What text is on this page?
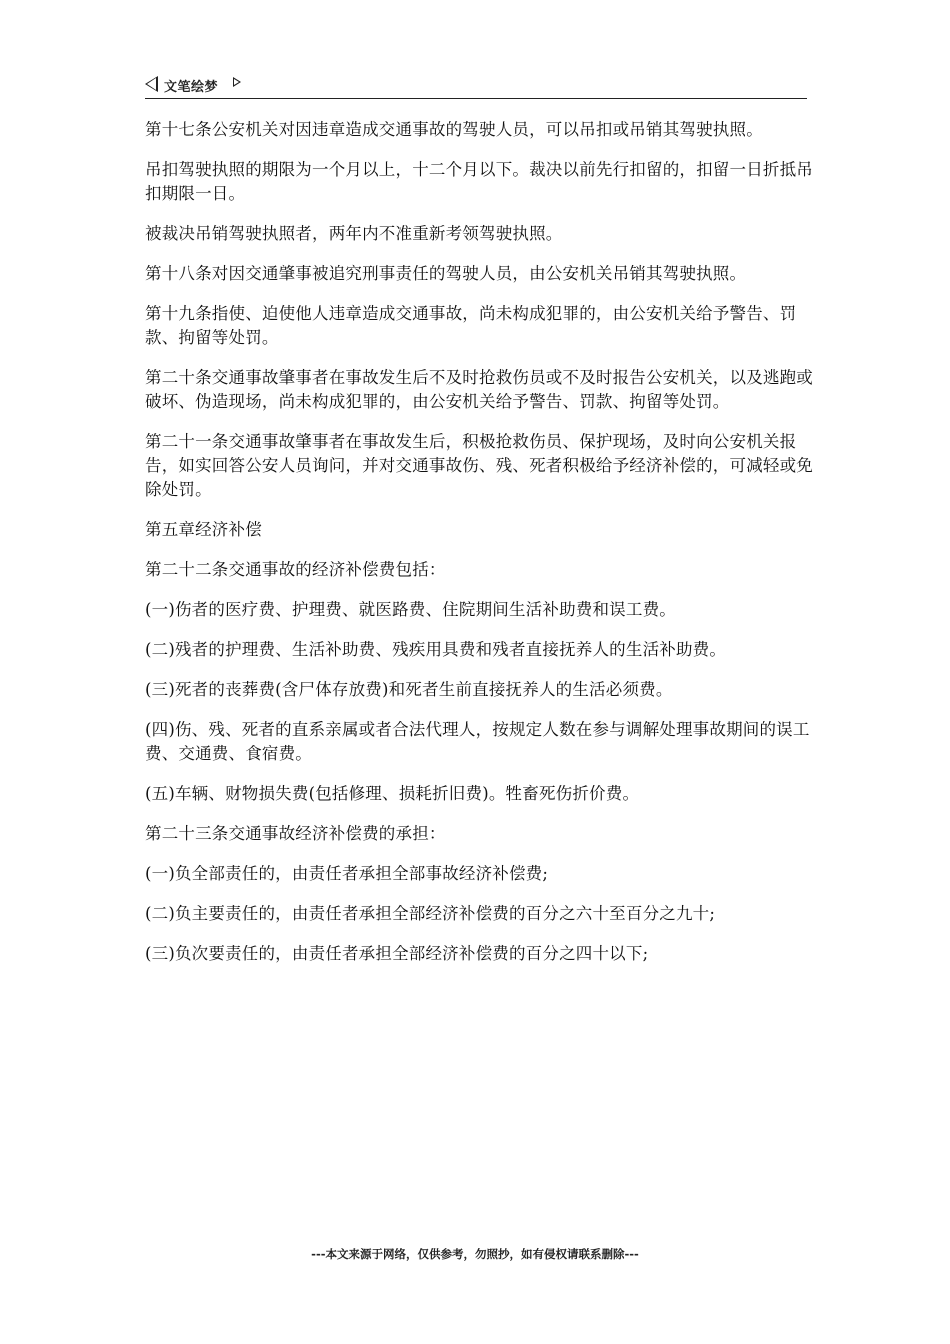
文笔绘梦

第十七条公安机关对因违章造成交通事故的驾驶人员，可以吊扣或吊销其驾驶执照。

吊扣驾驶执照的期限为一个月以上，十二个月以下。裁决以前先行扣留的，扣留一日折抵吊扣期限一日。

被裁决吊销驾驶执照者，两年内不准重新考领驾驶执照。

第十八条对因交通肇事被追究刑事责任的驾驶人员，由公安机关吊销其驾驶执照。

第十九条指使、迫使他人违章造成交通事故，尚未构成犯罪的，由公安机关给予警告、罚款、拘留等处罚。

第二十条交通事故肇事者在事故发生后不及时抢救伤员或不及时报告公安机关，以及逃跑或破坏、伪造现场，尚未构成犯罪的，由公安机关给予警告、罚款、拘留等处罚。

第二十一条交通事故肇事者在事故发生后，积极抢救伤员、保护现场，及时向公安机关报告，如实回答公安人员询问，并对交通事故伤、残、死者积极给予经济补偿的，可减轻或免除处罚。

第五章经济补偿

第二十二条交通事故的经济补偿费包括：

(一)伤者的医疗费、护理费、就医路费、住院期间生活补助费和误工费。

(二)残者的护理费、生活补助费、残疾用具费和残者直接抚养人的生活补助费。

(三)死者的丧葬费(含尸体存放费)和死者生前直接抚养人的生活必须费。

(四)伤、残、死者的直系亲属或者合法代理人，按规定人数在参与调解处理事故期间的误工费、交通费、食宿费。

(五)车辆、财物损失费(包括修理、损耗折旧费)。牲畜死伤折价费。

第二十三条交通事故经济补偿费的承担：

(一)负全部责任的，由责任者承担全部事故经济补偿费;

(二)负主要责任的，由责任者承担全部经济补偿费的百分之六十至百分之九十;

(三)负次要责任的，由责任者承担全部经济补偿费的百分之四十以下;

---本文来源于网络，仅供参考，勿照抄，如有侵权请联系删除---
